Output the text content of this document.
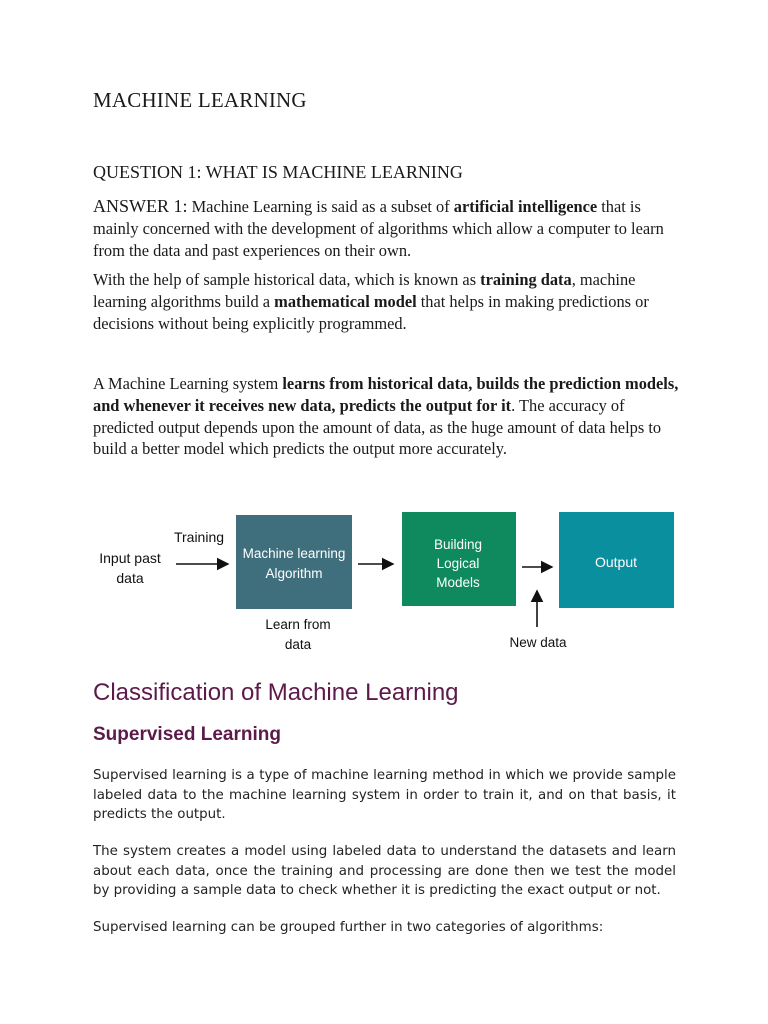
MACHINE LEARNING
QUESTION 1: WHAT IS MACHINE LEARNING
ANSWER 1: Machine Learning is said as a subset of artificial intelligence that is mainly concerned with the development of algorithms which allow a computer to learn from the data and past experiences on their own.
With the help of sample historical data, which is known as training data, machine learning algorithms build a mathematical model that helps in making predictions or decisions without being explicitly programmed.
A Machine Learning system learns from historical data, builds the prediction models, and whenever it receives new data, predicts the output for it. The accuracy of predicted output depends upon the amount of data, as the huge amount of data helps to build a better model which predicts the output more accurately.
Input past
data
Training
Machine learning
Algorithm
Learn from
data
Building
Logical
Models
Output
New data
Classification of Machine Learning
Supervised Learning
Supervised learning is a type of machine learning method in which we provide sample labeled data to the machine learning system in order to train it, and on that basis, it predicts the output.
The system creates a model using labeled data to understand the datasets and learn about each data, once the training and processing are done then we test the model by providing a sample data to check whether it is predicting the exact output or not.
Supervised learning can be grouped further in two categories of algorithms:
